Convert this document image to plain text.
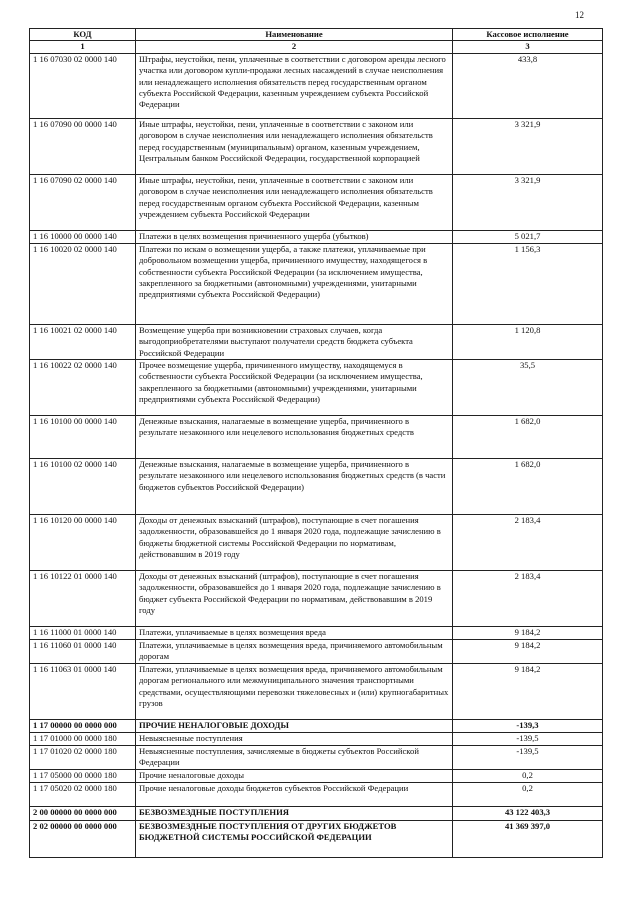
12
КОД	Наименование	Кассовое исполнение
1	2	3
1 16 07030 02 0000 140	Штрафы, неустойки, пени, уплаченные в соответствии с договором аренды лесного участка или договором купли-продажи лесных насаждений в случае неисполнения или ненадлежащего исполнения обязательств перед государственным органом субъекта Российской Федерации, казенным учреждением субъекта Российской Федерации	433,8
1 16 07090 00 0000 140	Иные штрафы, неустойки, пени, уплаченные в соответствии с законом или договором в случае неисполнения или ненадлежащего исполнения обязательств перед государственным (муниципальным) органом, казенным учреждением, Центральным банком Российской Федерации, государственной корпорацией	3 321,9
1 16 07090 02 0000 140	Иные штрафы, неустойки, пени, уплаченные в соответствии с законом или договором в случае неисполнения или ненадлежащего исполнения обязательств перед государственным органом субъекта Российской Федерации, казенным учреждением субъекта Российской Федерации	3 321,9
1 16 10000 00 0000 140	Платежи в целях возмещения причиненного ущерба (убытков)	5 021,7
1 16 10020 02 0000 140	Платежи по искам о возмещении ущерба, а также платежи, уплачиваемые при добровольном возмещении ущерба, причиненного имуществу, находящегося в собственности субъекта Российской Федерации (за исключением имущества, закрепленного за бюджетными (автономными) учреждениями, унитарными предприятиями субъекта Российской Федерации)	1 156,3
1 16 10021 02 0000 140	Возмещение ущерба при возникновении страховых случаев, когда выгодоприобретателями выступают получатели средств бюджета субъекта Российской Федерации	1 120,8
1 16 10022 02 0000 140	Прочее возмещение ущерба, причиненного имуществу, находящемуся в собственности субъекта Российской Федерации (за исключением имущества, закрепленного за бюджетными (автономными) учреждениями, унитарными предприятиями субъекта Российской Федерации)	35,5
1 16 10100 00 0000 140	Денежные взыскания, налагаемые в возмещение ущерба, причиненного в результате незаконного или нецелевого использования бюджетных средств	1 682,0
1 16 10100 02 0000 140	Денежные взыскания, налагаемые в возмещение ущерба, причиненного в результате незаконного или нецелевого использования бюджетных средств (в части бюджетов субъектов Российской Федерации)	1 682,0
1 16 10120 00 0000 140	Доходы от денежных взысканий (штрафов), поступающие в счет погашения задолженности, образовавшейся до 1 января 2020 года, подлежащие зачислению в бюджеты бюджетной системы Российской Федерации по нормативам, действовавшим в 2019 году	2 183,4
1 16 10122 01 0000 140	Доходы от денежных взысканий (штрафов), поступающие в счет погашения задолженности, образовавшейся до 1 января 2020 года, подлежащие зачислению в бюджет субъекта Российской Федерации по нормативам, действовавшим в 2019 году	2 183,4
1 16 11000 01 0000 140	Платежи, уплачиваемые в целях возмещения вреда	9 184,2
1 16 11060 01 0000 140	Платежи, уплачиваемые в целях возмещения вреда, причиняемого автомобильным дорогам	9 184,2
1 16 11063 01 0000 140	Платежи, уплачиваемые в целях возмещения вреда, причиняемого автомобильным дорогам регионального или межмуниципального значения транспортными средствами, осуществляющими перевозки тяжеловесных и (или) крупногабаритных грузов	9 184,2
1 17 00000 00 0000 000	ПРОЧИЕ НЕНАЛОГОВЫЕ ДОХОДЫ	-139,3
1 17 01000 00 0000 180	Невыясненные поступления	-139,5
1 17 01020 02 0000 180	Невыясненные поступления, зачисляемые в бюджеты субъектов Российской Федерации	-139,5
1 17 05000 00 0000 180	Прочие неналоговые доходы	0,2
1 17 05020 02 0000 180	Прочие неналоговые доходы бюджетов субъектов Российской Федерации	0,2
2 00 00000 00 0000 000	БЕЗВОЗМЕЗДНЫЕ ПОСТУПЛЕНИЯ	43 122 403,3
2 02 00000 00 0000 000	БЕЗВОЗМЕЗДНЫЕ ПОСТУПЛЕНИЯ ОТ ДРУГИХ БЮДЖЕТОВ БЮДЖЕТНОЙ СИСТЕМЫ РОССИЙСКОЙ ФЕДЕРАЦИИ	41 369 397,0
